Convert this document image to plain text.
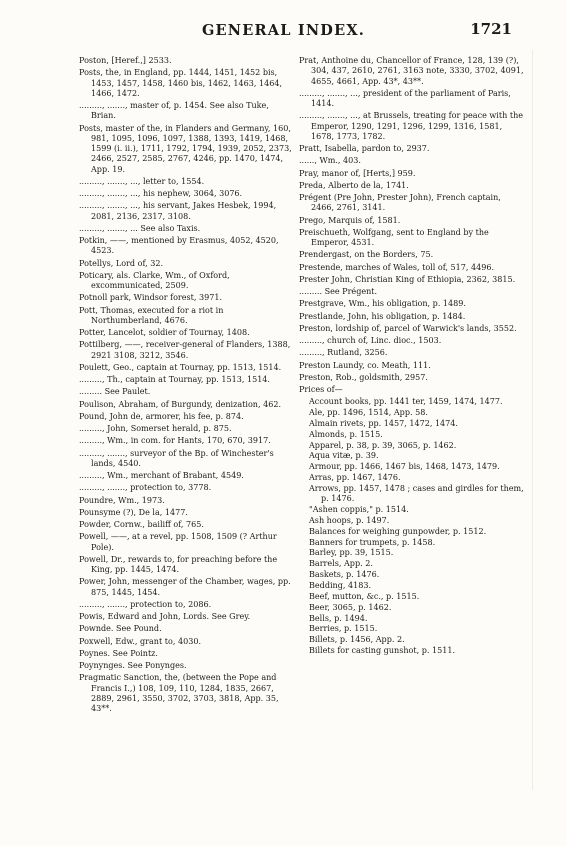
GENERAL INDEX.	1721
Poston, [Heref.,] 2533.
Posts, the, in England, pp. 1444, 1451, 1452 bis, 1453, 1457, 1458, 1460 bis, 1462, 1463, 1464, 1466, 1472.
........., ......., master of, p. 1454. See also Tuke, Brian.
Posts, master of the, in Flanders and Germany, 160, 981, 1095, 1096, 1097, 1388, 1393, 1419, 1468, 1599 (i. ii.), 1711, 1792, 1794, 1939, 2052, 2373, 2466, 2527, 2585, 2767, 4246, pp. 1470, 1474, App. 19.
........., ......., ..., letter to, 1554.
........., ......., ..., his nephew, 3064, 3076.
........., ......., ..., his servant, Jakes Hesbek, 1994, 2081, 2136, 2317, 3108.
........., ......., ... See also Taxis.
Potkin, ——, mentioned by Erasmus, 4052, 4520, 4523.
Potellys, Lord of, 32.
Poticary, als. Clarke, Wm., of Oxford, excommunicated, 2509.
Potnoll park, Windsor forest, 3971.
Pott, Thomas, executed for a riot in Northumberland, 4676.
Potter, Lancelot, soldier of Tournay, 1408.
Pottilberg, ——, receiver-general of Flanders, 1388, 2921 3108, 3212, 3546.
Poulett, Geo., captain at Tournay, pp. 1513, 1514.
........., Th., captain at Tournay, pp. 1513, 1514.
......... See Paulet.
Poulison, Abraham, of Burgundy, denization, 462.
Pound, John de, armorer, his fee, p. 874.
........., John, Somerset herald, p. 875.
........., Wm., in com. for Hants, 170, 670, 3917.
........., ......., surveyor of the Bp. of Winchester's lands, 4540.
........., Wm., merchant of Brabant, 4549.
........., ......., protection to, 3778.
Poundre, Wm., 1973.
Pounsyme (?), De la, 1477.
Powder, Cornw., bailiff of, 765.
Powell, ——, at a revel, pp. 1508, 1509 (? Arthur Pole).
Powell, Dr., rewards to, for preaching before the King, pp. 1445, 1474.
Power, John, messenger of the Chamber, wages, pp. 875, 1445, 1454.
........., ......., protection to, 2086.
Powis, Edward and John, Lords. See Grey.
Pownde. See Pound.
Poxwell, Edw., grant to, 4030.
Poynes. See Pointz.
Poynynges. See Ponynges.
Pragmatic Sanction, the, (between the Pope and Francis I.,) 108, 109, 110, 1284, 1835, 2667, 2889, 2961, 3550, 3702, 3703, 3818, App. 35, 43**.
Prat, Anthoine du, Chancellor of France, 128, 139 (?), 304, 437, 2610, 2761, 3163 note, 3330, 3702, 4091, 4655, 4661, App. 43*, 43**.
........., ......., ..., president of the parliament of Paris, 1414.
........., ......., ..., at Brussels, treating for peace with the Emperor, 1290, 1291, 1296, 1299, 1316, 1581, 1678, 1773, 1782.
Pratt, Isabella, pardon to, 2937.
......, Wm., 403.
Pray, manor of, [Herts,] 959.
Preda, Alberto de la, 1741.
Prégent (Pre John, Prester John), French captain, 2466, 2761, 3141.
Prego, Marquis of, 1581.
Preischueth, Wolfgang, sent to England by the Emperor, 4531.
Prendergast, on the Borders, 75.
Prestende, marches of Wales, toll of, 517, 4496.
Prester John, Christian King of Ethiopia, 2362, 3815.
......... See Prégent.
Prestgrave, Wm., his obligation, p. 1489.
Prestlande, John, his obligation, p. 1484.
Preston, lordship of, parcel of Warwick's lands, 3552.
........., church of, Linc. dioc., 1503.
........., Rutland, 3256.
Preston Laundy, co. Meath, 111.
Preston, Rob., goldsmith, 2957.
Prices of—
Account books, pp. 1441 ter, 1459, 1474, 1477.
Ale, pp. 1496, 1514, App. 58.
Almain rivets, pp. 1457, 1472, 1474.
Almonds, p. 1515.
Apparel, p. 38, p. 39, 3065, p. 1462.
Aqua vitæ, p. 39.
Armour, pp. 1466, 1467 bis, 1468, 1473, 1479.
Arras, pp. 1467, 1476.
Arrows, pp. 1457, 1478 ; cases and girdles for them, p. 1476.
"Ashen coppis," p. 1514.
Ash hoops, p. 1497.
Balances for weighing gunpowder, p. 1512.
Banners for trumpets, p. 1458.
Barley, pp. 39, 1515.
Barrels, App. 2.
Baskets, p. 1476.
Bedding, 4183.
Beef, mutton, &c., p. 1515.
Beer, 3065, p. 1462.
Bells, p. 1494.
Berries, p. 1515.
Billets, p. 1456, App. 2.
Billets for casting gunshot, p. 1511.
